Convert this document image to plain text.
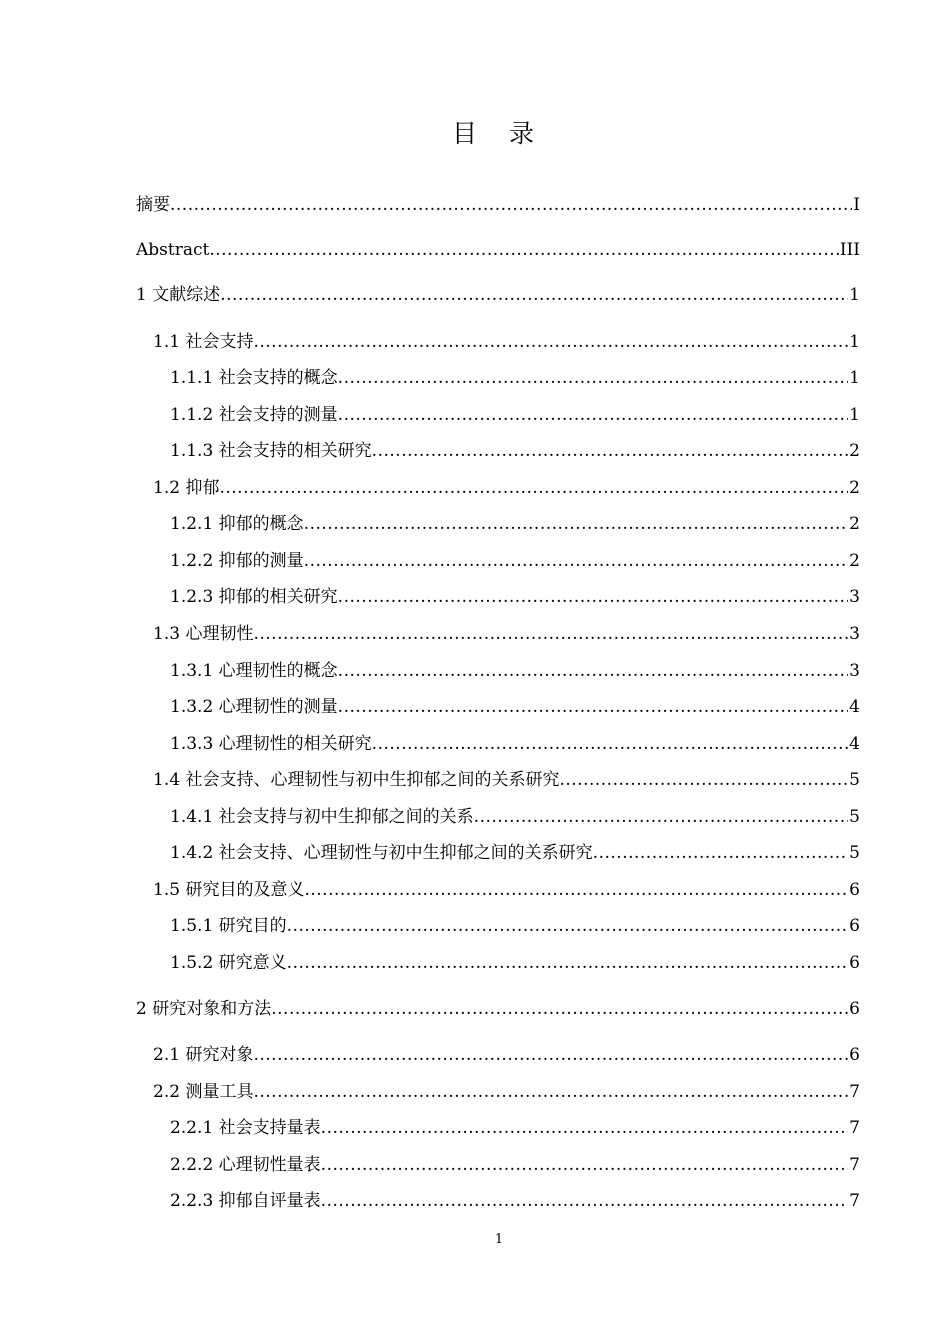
目 录
摘要 .....	I
Abstract .....	III
1 文献综述 .....	1
1.1 社会支持 .....	1
1.1.1 社会支持的概念 .....	1
1.1.2 社会支持的测量 .....	1
1.1.3 社会支持的相关研究 .....	2
1.2 抑郁 .....	2
1.2.1 抑郁的概念 .....	2
1.2.2 抑郁的测量 .....	2
1.2.3 抑郁的相关研究 .....	3
1.3 心理韧性 .....	3
1.3.1 心理韧性的概念 .....	3
1.3.2 心理韧性的测量 .....	4
1.3.3 心理韧性的相关研究 .....	4
1.4 社会支持、心理韧性与初中生抑郁之间的关系研究 .....	5
1.4.1 社会支持与初中生抑郁之间的关系 .....	5
1.4.2 社会支持、心理韧性与初中生抑郁之间的关系研究 .....	5
1.5 研究目的及意义 .....	6
1.5.1 研究目的 .....	6
1.5.2 研究意义 .....	6
2 研究对象和方法 .....	6
2.1 研究对象 .....	6
2.2 测量工具 .....	7
2.2.1 社会支持量表 .....	7
2.2.2 心理韧性量表 .....	7
2.2.3 抑郁自评量表 .....	7
1
